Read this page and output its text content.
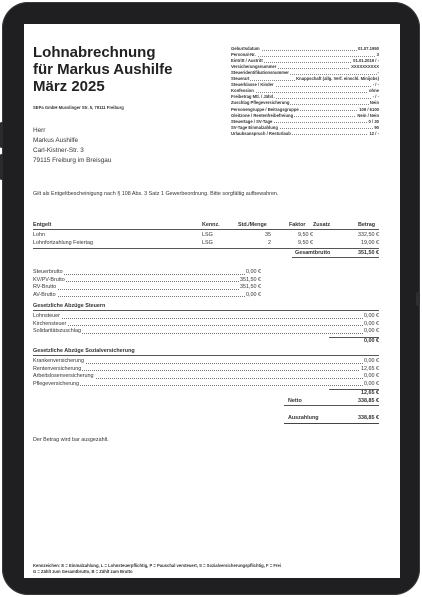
Lohnabrechnung
für Markus Aushilfe
März 2025
SEPa GmbH Musslinger Str. 5, 79111 Freiburg
Herr
Markus Aushilfe
Carl-Kistner-Str. 3
79115 Freiburg im Breisgau
Geburtsdatum	01.07.1950
Personal-Nr.	3
Eintritt / Austritt	01.01.2019 / -
Versicherungsnummer	XXXXXXXXXX
Steueridentifikationsnummer	-
Steuerart	Knappschaft (allg. Verf. einschl. Minijobs)
Steuerklasse / Kinder	- / -
Konfession	ohne
Freibetrag Mtl. / Jährl.	- / -
Zuschlag Pflegeversicherung	Nein
Personengruppe / Beitragsgruppe	109 / 6100
Gleitzone / Rentenfreibefreiung	Nein / Nein
Steuertage / SV-Tage	0 / 30
SV-Tage Einmalzahlung	90
Urlaubsanspruch / Resturlaub	12 / -
Gilt als Entgeltbescheinigung nach § 108 Abs. 3 Satz 1 Gewerbeordnung. Bitte sorgfältig aufbewahren.
Entgelt	Kennz.	Std./Menge	Faktor Zusatz	Betrag
Lohn	LSG	35	9,50 €	332,50 €
Lohnfortzahlung Feiertag	LSG	2	9,50 €	19,00 €
Gesamtbrutto	351,50 €
Steuerbrutto	0,00 €
KV/PV-Brutto	351,50 €
RV-Brutto	351,50 €
AV-Brutto	0,00 €
Gesetzliche Abzüge Steuern
Lohnsteuer	0,00 €
Kirchensteuer	0,00 €
Solidaritätszuschlag	0,00 €
0,00 €
Gesetzliche Abzüge Sozialversicherung
Krankenversicherung	0,00 €
Rentenversicherung	12,65 €
Arbeitslosenversicherung	0,00 €
Pflegeversicherung	0,00 €
12,65 €
Netto	338,85 €
Auszahlung	338,85 €
Der Betrag wird bar ausgezahlt.
Kennzeichen: E = Einmalzahlung, L = Lohnsteuerpflichtig, P = Pauschal versteuert, S = Sozialversicherungspflichtig, F = Frei
G = Zählt zum Gesamtbrutto, B = Zählt zum Brutto
